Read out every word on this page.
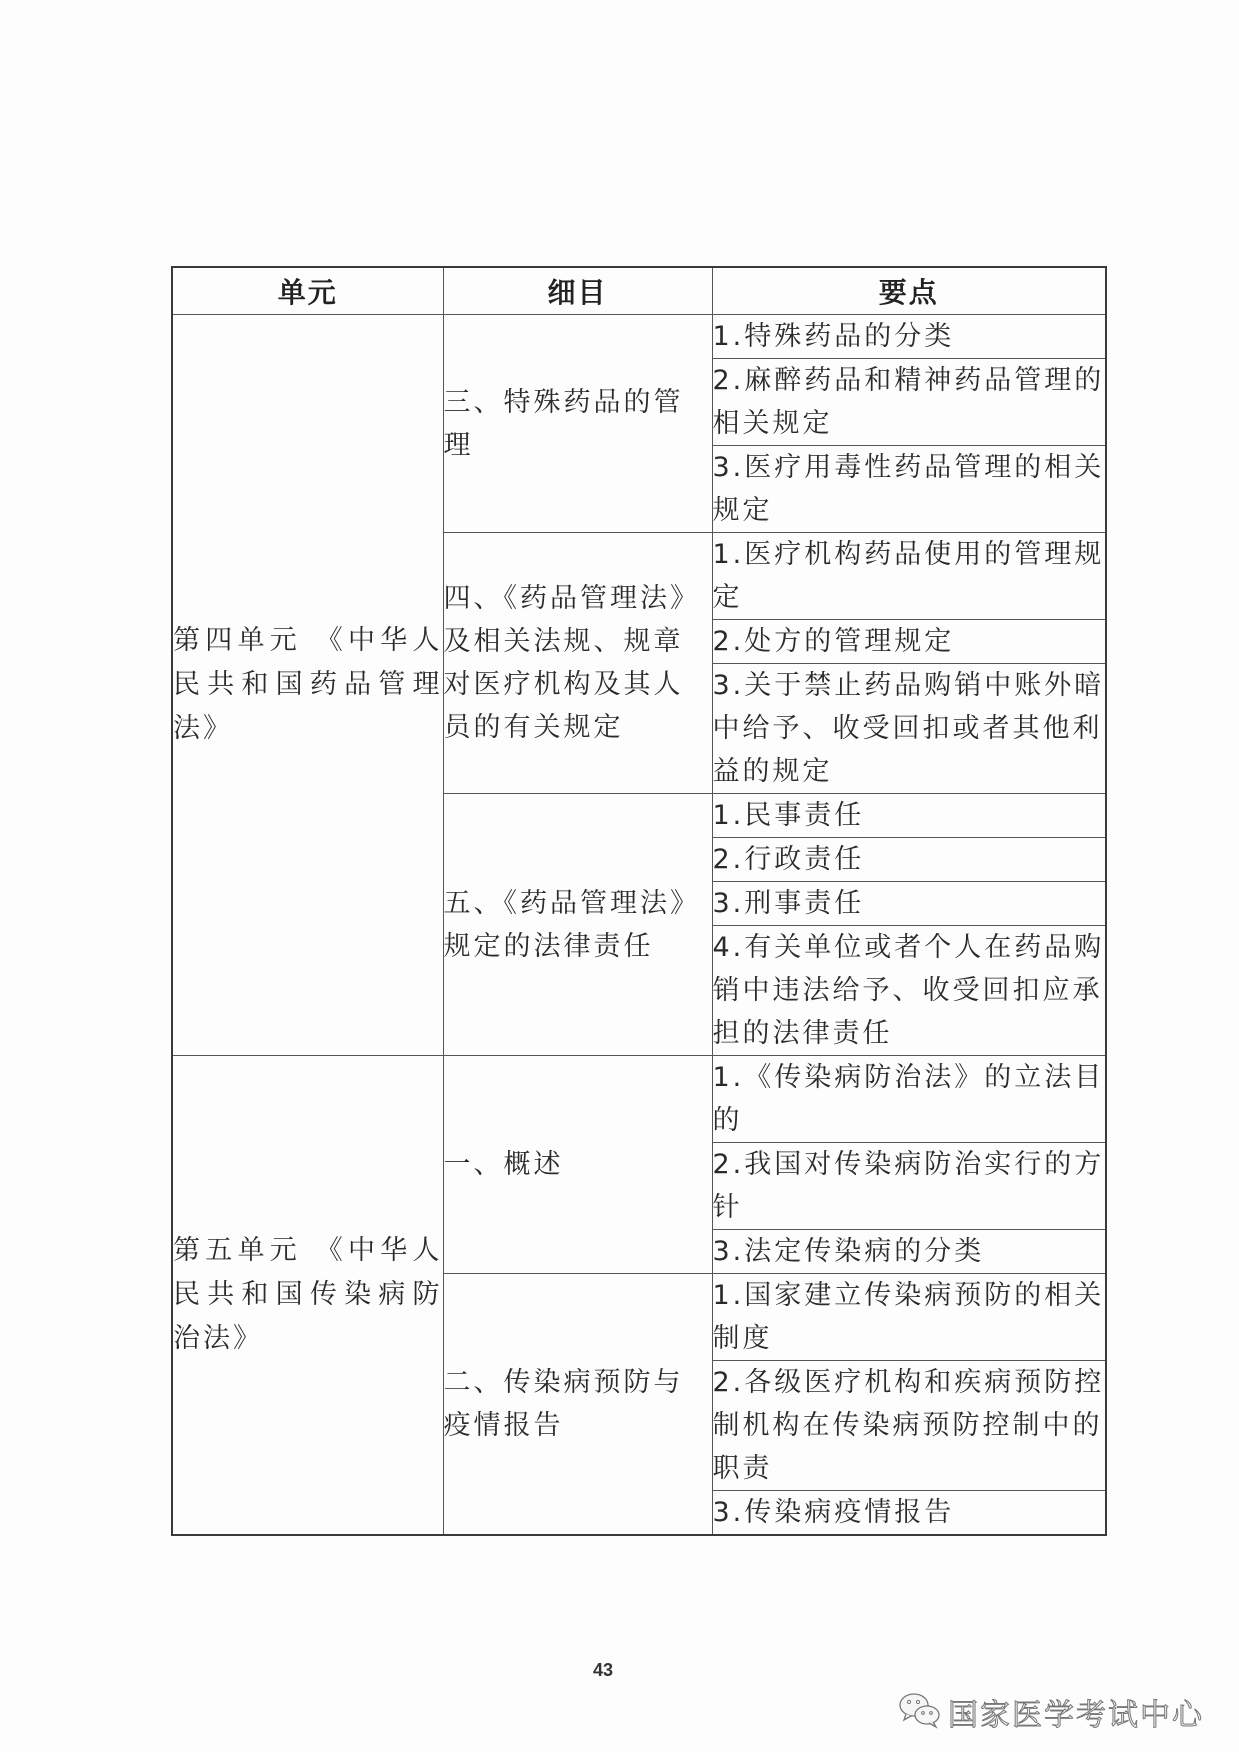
单元	细目	要点
第四单元 《中华人民共和国药品管理法》	三、特殊药品的管理	1.特殊药品的分类
		2.麻醉药品和精神药品管理的相关规定
		3.医疗用毒性药品管理的相关规定
	四、《药品管理法》及相关法规、规章对医疗机构及其人员的有关规定	1.医疗机构药品使用的管理规定
		2.处方的管理规定
		3.关于禁止药品购销中账外暗中给予、收受回扣或者其他利益的规定
	五、《药品管理法》规定的法律责任	1.民事责任
		2.行政责任
		3.刑事责任
		4.有关单位或者个人在药品购销中违法给予、收受回扣应承担的法律责任
第五单元 《中华人民共和国传染病防治法》	一、概述	1.《传染病防治法》的立法目的
		2.我国对传染病防治实行的方针
		3.法定传染病的分类
	二、传染病预防与疫情报告	1.国家建立传染病预防的相关制度
		2.各级医疗机构和疾病预防控制机构在传染病预防控制中的职责
		3.传染病疫情报告
43
国家医学考试中心
